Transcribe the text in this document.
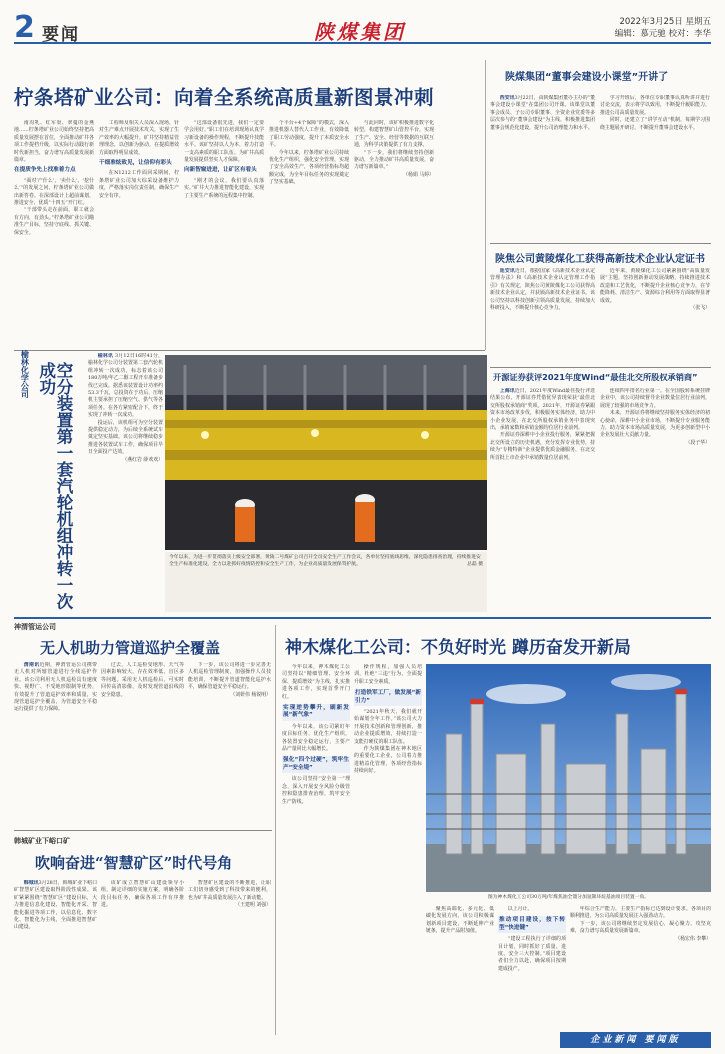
2 要闻	陕煤集团	2022年3月25日 星期五
编辑：慕元驰 校对：李华
柠条塔矿业公司：向着全系统高质量新图景冲刺

南沟乳、红军渠、翠蔓的金燕地……柠条塔矿业公司始终坚持把高质量发展摆在首位，全面推动矿井各项工作提档升级，以实际行动践行新时代新担当，奋力谱写高质量发展新篇章。

在提质争先上找准着力点

“面对‘产什么’、‘卖什么’、‘挖什么’”的发展之问，柠条塔矿业公司做出新答卷。在深部设计上超前谋划，推进安全、优质“十四五”开门红。

“干部带头走在前面，职工就会有方向，有劲头。”柠条塔矿业公司瞄准生产目标，坚持守底线、抓关键、保安全。

工程师及相关人员深入现场，针对生产难点开展技术攻关，实现了生产效率的大幅提升。矿井坚持精益管理理念，以创新为驱动，在提质增效方面取得明显成效。

干细准炫致见，让信仰有彩头

在N1212工作面回采期间，柠条塔矿业公司加大综采设备维护力度，严格落实岗位责任制，确保生产安全有序。

“这部设备很先进，我们一定要学会用好。”职工们在培训现场认真学习新设备的操作规程，不断提升技能水平。该矿坚持以人为本，着力打造一支高素质的职工队伍，为矿井高质量发展提供坚实人才保障。

向新智窥进进，让矿区有看头

“刚才的会议，我们要认真落实。”矿井大力推进智能化建设，实现了主要生产系统的远程集中控制。

个平台+4个保障”的模式，深入推进机器人替代人工作业，有效降低了职工劳动强度，提升了本质安全水平。

今年以来，柠条塔矿业公司持续优化生产组织，强化安全管理，实现了安全高效生产，各项经营指标均超额完成，为全年目标任务的实现奠定了坚实基础。

与此同时，该矿积极推进数字化转型，构建智慧矿山管控平台，实现了生产、安全、经营等数据的互联互通，为科学决策提供了有力支撑。

“下一步，我们将继续坚持创新驱动，全力推动矿井高质量发展，奋力谱写新篇章。”

（杨娟 马婷）

陕煤集团“董事会建设小课堂”开讲了

西安讯3月22日，由陕煤集团董办主办的“董事会建设小课堂”在集团公司开课。该课堂以董事会成员、子公司专职董事、全资企业党委等多层次参与的“董事会建设”为主线，积极推进集团董事会规范化建设，提升公司治理能力和水平。

学习开班后，各单位专职董事认真听讲并进行讨论交流，表示将学以致用，不断提升履职能力，推进公司高质量发展。

同时，还建立了“讲学互动”机制，每期学习围绕主题展开研讨，不断提升董事会建设水平。

陕焦公司黄陵煤化工获得高新技术企业认定证书

延安讯近日，根据国家《高新技术企业认定管理办法》和《高新技术企业认定管理工作指引》有关规定，陕焦公司黄陵煤化工公司获得高新技术企业认定，并获颁高新技术企业证书。该公司坚持以科技创新引领高质量发展，持续加大科研投入，不断提升核心竞争力。

近年来，黄陵煤化工公司紧紧围绕“高质量发展”主题，坚持创新驱动发展战略，持续推进技术改造和工艺优化，不断提升企业核心竞争力，在节能降耗、清洁生产、资源综合利用等方面取得显著成效。

（张飞）

开源证券获评2021年度Wind“最佳北交所股权承销商”

上海讯近日，2021年度Wind最佳投行评选结果公布，开源证券凭借优异表现荣获“最佳北交所股权承销商”奖项。2021年，开源证券紧跟资本市场改革步伐，积极服务实体经济，助力中小企业发展，在北交所股权承销业务中表现突出，承销家数和承销金额均位居行业前列。

开源证券深耕中小企业投行服务，紧紧把握北交所设立的历史机遇，充分发挥专业优势，持续为“专精特新”企业提供优质金融服务，在北交所首批上市企业中承销数量位居前列。

连续四年排名行业第一。在全国股转系统挂牌企业中，该公司持续督导企业数量位居行业前列，展现了较强的市场竞争力。

未来，开源证券将继续坚持服务实体经济的初心使命，深耕中小企业市场，不断提升专业服务能力，助力资本市场高质量发展，为更多创新型中小企业发展壮大贡献力量。

（段子华）

榆林化学公司	空分装置第一套汽轮机组冲转一次成功

榆林讯 3月12日16时41分，榆林化学公司分装置第二套汽轮机组冲转一次成功，标志着该公司180万吨/年乙二醇工程开车准备步伐已完成。据悉该装置设计功率约53.3千瓦，总投资在于功后，压缩机主要承担了压缩空气、供气等各项任务。在各方紧密配合下，终于实现了冲转一次成功。

投运后，该机组可为空分装置提供稳定动力，为后续全系统试车奠定坚实基础。该公司将继续稳步推进各装置试车工作，确保项目早日全面投产达效。

（燕红岩 薛欢欢）

今年以来，为进一步贯彻落实上级安全部署，黄陵二号煤矿公司召开全员安全生产工作会议，各单位坚持底线思维，深化隐患排查治理，持续推进安全生产标准化建设，全力以赴抓好疫情防控和安全生产工作，为企业高质量发展保驾护航。	总磊 摄
神渭管运公司
无人机助力管道巡护全覆盖

渭南讯近期，神渭管运公司携带无人机对所辖管道进行全线巡护作业。该公司利用无人机巡检具有速度快、视野广、不受地形限制等优势，有效提升了管道巡护效率和质量，实现管道巡护全覆盖，为管道安全平稳运行提供了有力保障。

过去，人工巡检受地形、天气等因素影响较大，存在效率低、盲区多等问题。采用无人机巡检后，可实时回传高清影像，及时发现管道沿线的安全隐患。

下一步，该公司将进一步完善无人机巡检管理制度，加强操作人员技能培训，不断提升管道智能化巡护水平，确保管道安全平稳运行。

（刘妍伟 杨锐明）

韩城矿业下峪口矿
吹响奋进“智慧矿区”时代号角

韩城讯3月28日，韩城矿业下峪口矿智慧矿区建设取得阶段性成果。该矿紧紧围绕“智慧矿区”建设目标，大力推进信息化建设、智能化开采、智能化掘进等项工作，以信息化、数字化、智能化为主线，全面推进智慧矿山建设。

该矿成立智慧矿山建设领导小组，制定详细的实施方案，明确各阶段目标任务，确保各项工作有序推进。

智慧矿区建设的不断推进，让职工们切身感受到了科技带来的便利，也为矿井高质量发展注入了新动能。

（王建明 刘强）

神木煤化工公司：不负好时光 蹲历奋发开新局

今年以来，神木煤化工公司坚持以“精细管理、安全环保、提质增效”为主线，扎实推进各项工作，实现首季开门红。

实现逆势攀升，刷新发展“新气象”

今年以来，该公司紧盯年度目标任务，优化生产组织，各装置安全稳定运行，主要产品产量同比大幅增长。

强化“四个过硬”，筑牢生产“安全堤”

该公司坚持“安全第一”理念，深入开展安全风险分级管控和隐患排查治理，筑牢安全生产防线。

操作规程，加强人员培训，杜绝“三违”行为，全面提升职工安全素质。

打造铁军工厂，做发展“新引力”

“2021年秋天，我们就开始谋划全年工作。”该公司大力开展技术创新和管理创新，推动企业提质增效，持续打造一支能打硬仗的职工队伍。

作为陕煤集团在神木地区的重要化工企业，公司着力推进精益化管理，各项经营指标持续向好。

图为神木煤化工公司30万吨/年煤焦油全馏分加氢制环烷基油项目装置一角。

聚焦高端化、多元化、低碳化发展方向，该公司积极谋划新项目建设，不断延伸产业链条，提升产品附加值。

以上月计。

推动项目建设，按下转型“快进键”

“建设工程执行了详细的项目计划，同时抓好了质量、进度、安全三大控制。”项目建设者们全力以赴，确保项目按期建成投产。

年综合生产能力，主要生产指标已达到设计要求。各项目的顺利推进，为公司高质量发展注入强劲动力。

下一步，该公司将继续坚定发展信心，凝心聚力、攻坚克难，奋力谱写高质量发展新篇章。

（杨宏伟 李攀）

企业新闻 要闻版
